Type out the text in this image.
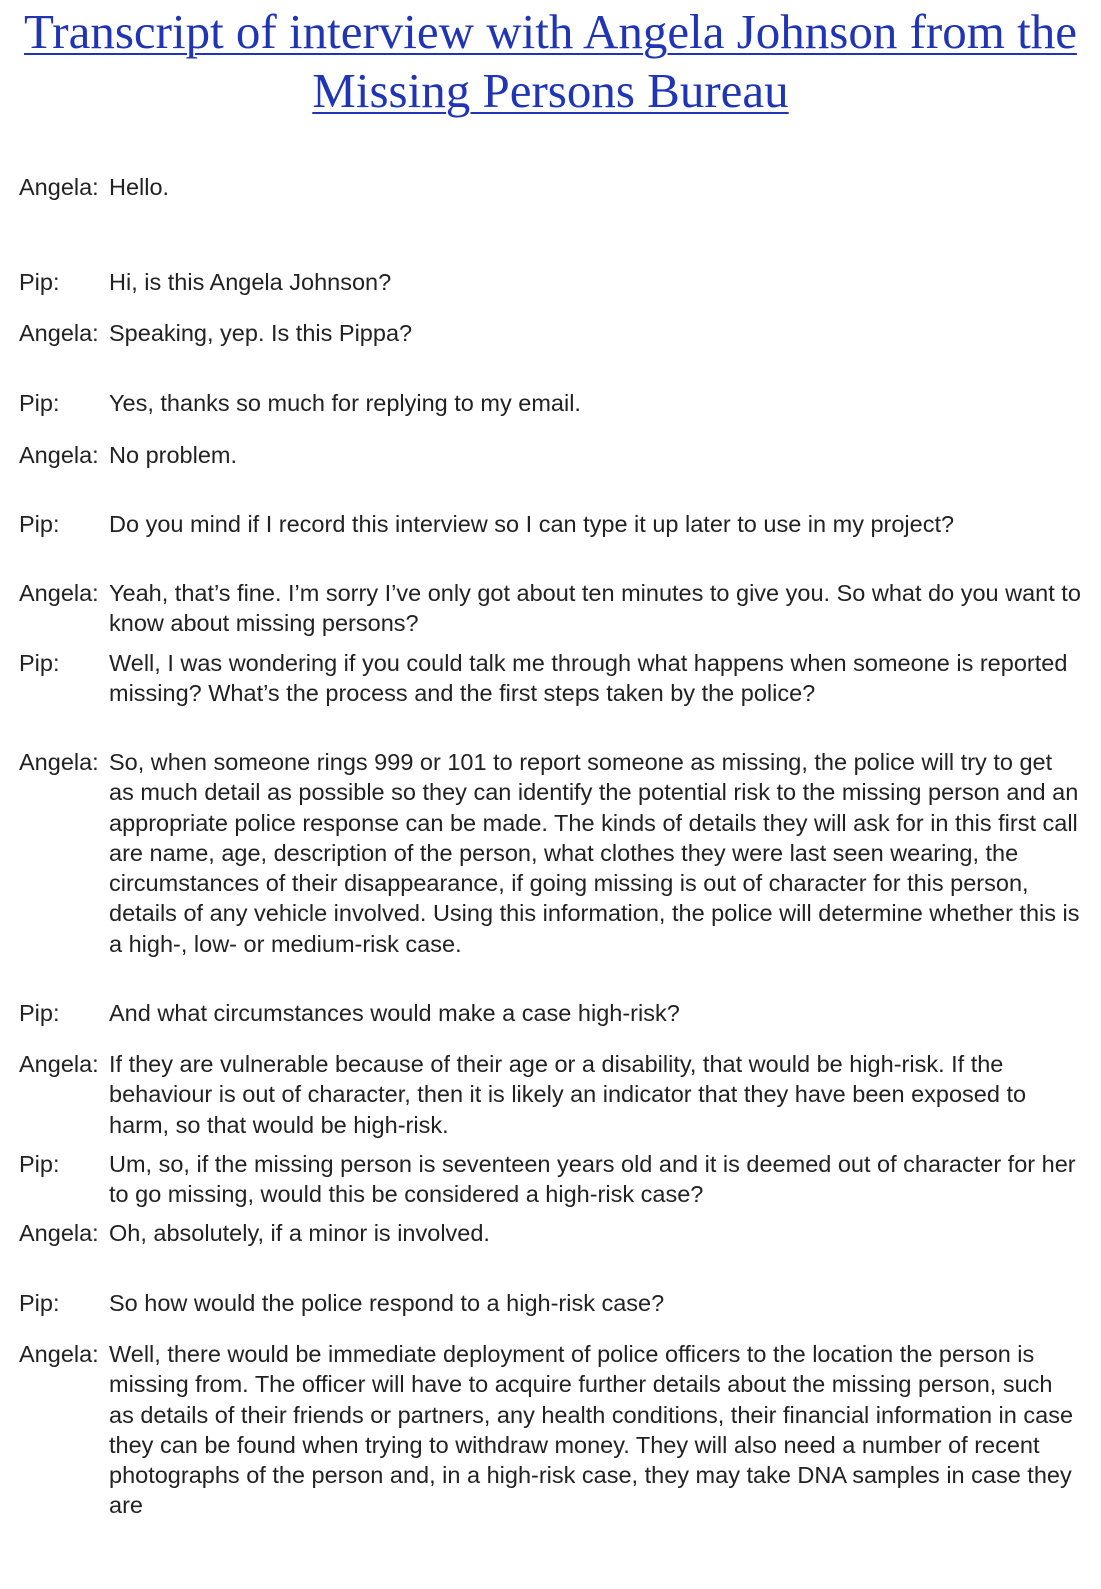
Transcript of interview with Angela Johnson from the Missing Persons Bureau
Angela: Hello.
Pip:	Hi, is this Angela Johnson?
Angela: Speaking, yep. Is this Pippa?
Pip:	Yes, thanks so much for replying to my email.
Angela: No problem.
Pip:	Do you mind if I record this interview so I can type it up later to use in my project?
Angela: Yeah, that’s fine. I’m sorry I’ve only got about ten minutes to give you. So what do you want to know about missing persons?
Pip:	Well, I was wondering if you could talk me through what happens when someone is reported missing? What’s the process and the first steps taken by the police?
Angela: So, when someone rings 999 or 101 to report someone as missing, the police will try to get as much detail as possible so they can identify the potential risk to the missing person and an appropriate police response can be made. The kinds of details they will ask for in this first call are name, age, description of the person, what clothes they were last seen wearing, the circumstances of their disappearance, if going missing is out of character for this person, details of any vehicle involved. Using this information, the police will determine whether this is a high-, low- or medium-risk case.
Pip:	And what circumstances would make a case high-risk?
Angela: If they are vulnerable because of their age or a disability, that would be high-risk. If the behaviour is out of character, then it is likely an indicator that they have been exposed to harm, so that would be high-risk.
Pip:	Um, so, if the missing person is seventeen years old and it is deemed out of character for her to go missing, would this be considered a high-risk case?
Angela: Oh, absolutely, if a minor is involved.
Pip:	So how would the police respond to a high-risk case?
Angela: Well, there would be immediate deployment of police officers to the location the person is missing from. The officer will have to acquire further details about the missing person, such as details of their friends or partners, any health conditions, their financial information in case they can be found when trying to withdraw money. They will also need a number of recent photographs of the person and, in a high-risk case, they may take DNA samples in case they are
